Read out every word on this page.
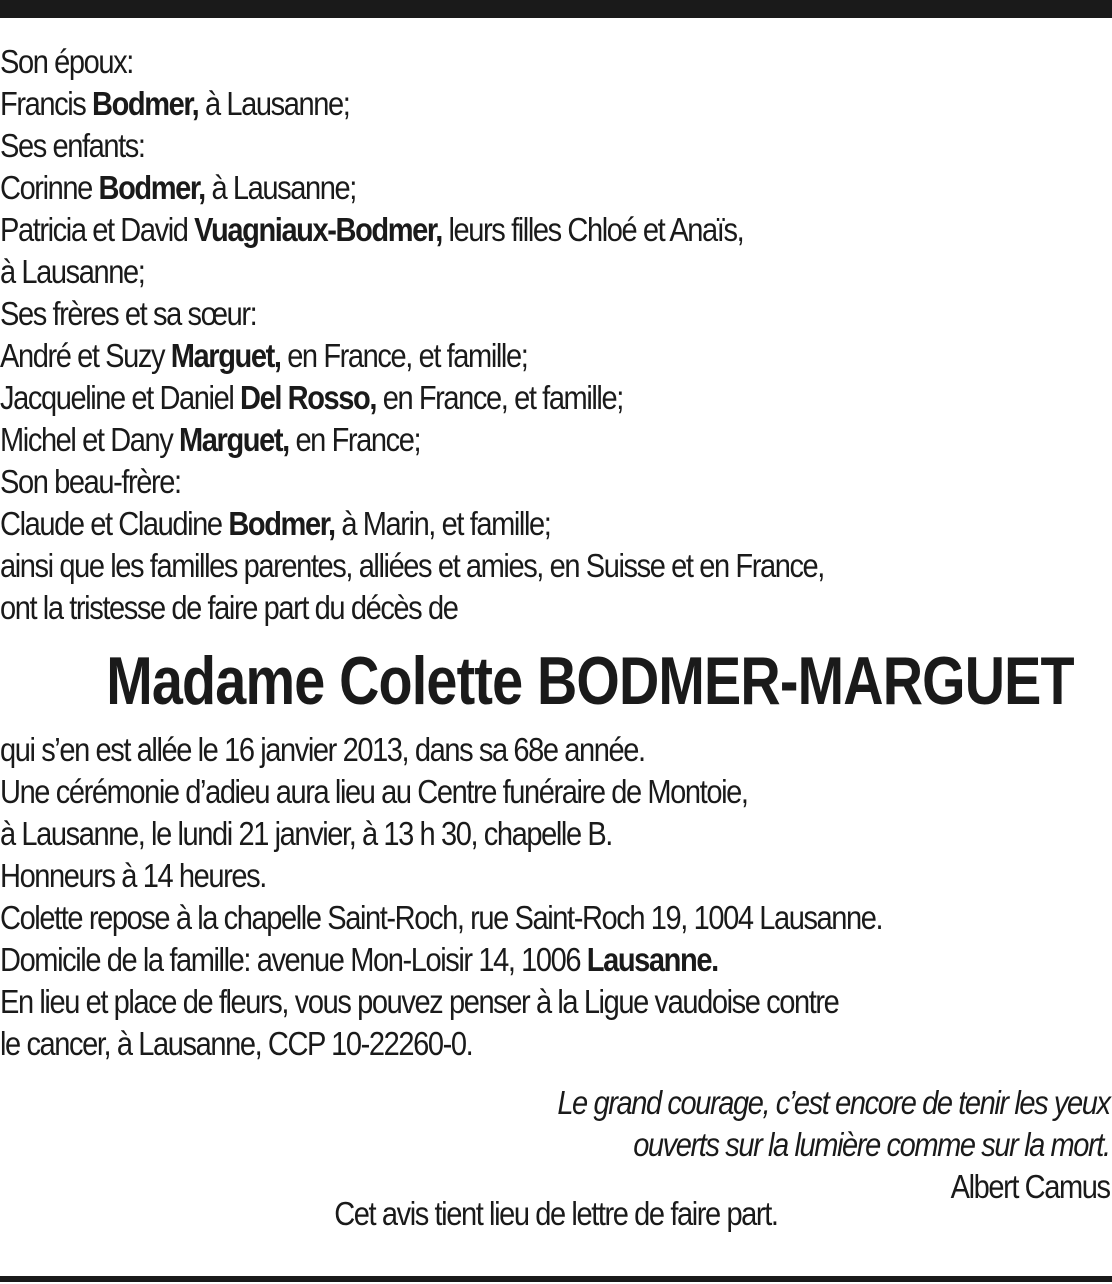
Son époux:
Francis Bodmer, à Lausanne;
Ses enfants:
Corinne Bodmer, à Lausanne;
Patricia et David Vuagniaux-Bodmer, leurs filles Chloé et Anaïs,
à Lausanne;
Ses frères et sa sœur:
André et Suzy Marguet, en France, et famille;
Jacqueline et Daniel Del Rosso, en France, et famille;
Michel et Dany Marguet, en France;
Son beau-frère:
Claude et Claudine Bodmer, à Marin, et famille;
ainsi que les familles parentes, alliées et amies, en Suisse et en France,
ont la tristesse de faire part du décès de
Madame Colette BODMER-MARGUET
qui s’en est allée le 16 janvier 2013, dans sa 68e année.
Une cérémonie d’adieu aura lieu au Centre funéraire de Montoie,
à Lausanne, le lundi 21 janvier, à 13 h 30, chapelle B.
Honneurs à 14 heures.
Colette repose à la chapelle Saint-Roch, rue Saint-Roch 19, 1004 Lausanne.
Domicile de la famille: avenue Mon-Loisir 14, 1006 Lausanne.
En lieu et place de fleurs, vous pouvez penser à la Ligue vaudoise contre
le cancer, à Lausanne, CCP 10-22260-0.
Le grand courage, c’est encore de tenir les yeux
ouverts sur la lumière comme sur la mort.
Albert Camus
Cet avis tient lieu de lettre de faire part.
